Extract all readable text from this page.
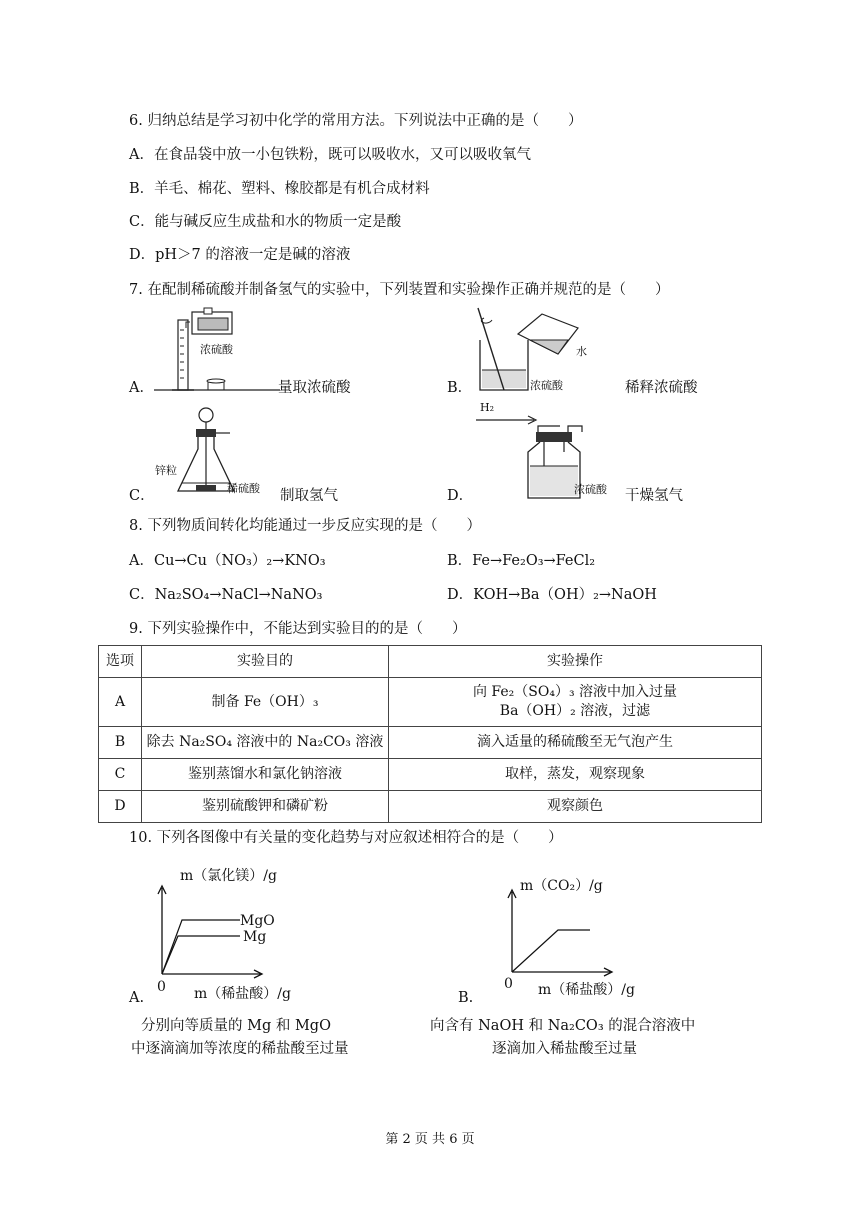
6. 归纳总结是学习初中化学的常用方法。下列说法中正确的是（　　）
A．在食品袋中放一小包铁粉，既可以吸收水，又可以吸收氧气
B．羊毛、棉花、塑料、橡胶都是有机合成材料
C．能与碱反应生成盐和水的物质一定是酸
D．pH＞7 的溶液一定是碱的溶液
7. 在配制稀硫酸并制备氢气的实验中，下列装置和实验操作正确并规范的是（　　）
浓硫酸
A．	量取浓硫酸
水
B．	浓硫酸	稀释浓硫酸
锌粒
稀硫酸
C．	制取氢气
H₂
D．	浓硫酸 干燥氢气
8. 下列物质间转化均能通过一步反应实现的是（　　）
A．Cu→Cu（NO₃）₂→KNO₃	B．Fe→Fe₂O₃→FeCl₂
C．Na₂SO₄→NaCl→NaNO₃	D．KOH→Ba（OH）₂→NaOH
9. 下列实验操作中，不能达到实验目的的是（　　）
选项	实验目的	实验操作
A	制备 Fe（OH）₃	向 Fe₂（SO₄）₃ 溶液中加入过量
Ba（OH）₂ 溶液，过滤

B	除去 Na₂SO₄ 溶液中的 Na₂CO₃ 溶液	滴入适量的稀硫酸至无气泡产生
C	鉴别蒸馏水和氯化钠溶液	取样，蒸发，观察现象
D	鉴别硫酸钾和磷矿粉	观察颜色
10. 下列各图像中有关量的变化趋势与对应叙述相符合的是（　　）
m（氯化镁）/g
MgO
Mg
0 m（稀盐酸）/g
A.
分别向等质量的 Mg 和 MgO
中逐滴滴加等浓度的稀盐酸至过量
m（CO₂）/g
0 m（稀盐酸）/g
B.
向含有 NaOH 和 Na₂CO₃ 的混合溶液中
逐滴加入稀盐酸至过量
第 2 页 共 6 页
